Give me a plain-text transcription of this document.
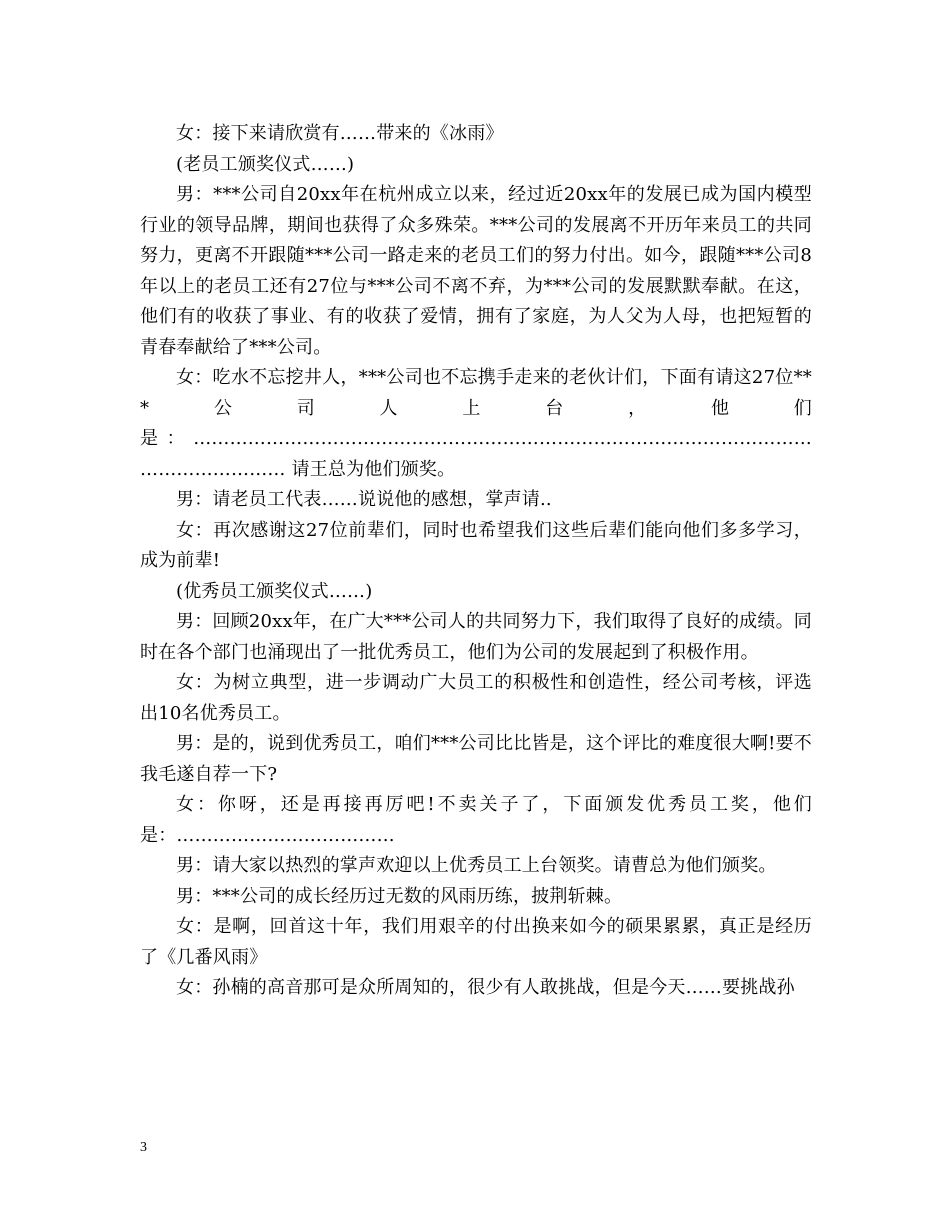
女：接下来请欣赏有……带来的《冰雨》

(老员工颁奖仪式……)

男：***公司自20xx年在杭州成立以来，经过近20xx年的发展已成为国内模型行业的领导品牌，期间也获得了众多殊荣。***公司的发展离不开历年来员工的共同努力，更离不开跟随***公司一路走来的老员工们的努力付出。如今，跟随***公司8年以上的老员工还有27位与***公司不离不弃，为***公司的发展默默奉献。在这，他们有的收获了事业、有的收获了爱情，拥有了家庭，为人父为人母，也把短暂的青春奉献给了***公司。

女：吃水不忘挖井人，***公司也不忘携手走来的老伙计们，下面有请这27位***公司人上台，他们是：……………………………………………………………………………………………………………… 请王总为他们颁奖。

男：请老员工代表……说说他的感想，掌声请..

女：再次感谢这27位前辈们，同时也希望我们这些后辈们能向他们多多学习，成为前辈!

(优秀员工颁奖仪式……)

男：回顾20xx年，在广大***公司人的共同努力下，我们取得了良好的成绩。同时在各个部门也涌现出了一批优秀员工，他们为公司的发展起到了积极作用。

女：为树立典型，进一步调动广大员工的积极性和创造性，经公司考核，评选出10名优秀员工。

男：是的，说到优秀员工，咱们***公司比比皆是，这个评比的难度很大啊!要不我毛遂自荐一下?

女：你呀，还是再接再厉吧!不卖关子了，下面颁发优秀员工奖，他们是：………………………………

男：请大家以热烈的掌声欢迎以上优秀员工上台领奖。请曹总为他们颁奖。

男：***公司的成长经历过无数的风雨历练，披荆斩棘。

女：是啊，回首这十年，我们用艰辛的付出换来如今的硕果累累，真正是经历了《几番风雨》

女：孙楠的高音那可是众所周知的，很少有人敢挑战，但是今天……要挑战孙

3
